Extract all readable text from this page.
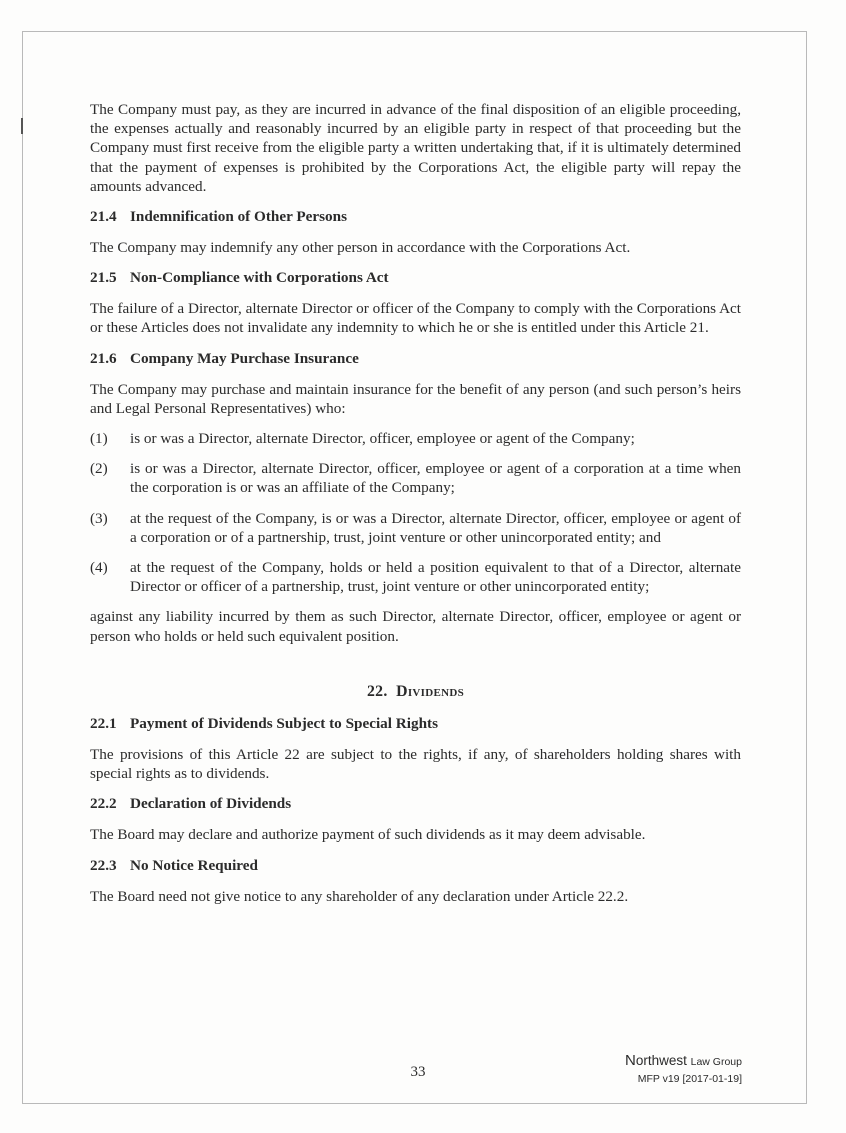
The Company must pay, as they are incurred in advance of the final disposition of an eligible proceeding, the expenses actually and reasonably incurred by an eligible party in respect of that proceeding but the Company must first receive from the eligible party a written undertaking that, if it is ultimately determined that the payment of expenses is prohibited by the Corporations Act, the eligible party will repay the amounts advanced.

21.4 Indemnification of Other Persons

The Company may indemnify any other person in accordance with the Corporations Act.

21.5 Non-Compliance with Corporations Act

The failure of a Director, alternate Director or officer of the Company to comply with the Corporations Act or these Articles does not invalidate any indemnity to which he or she is entitled under this Article 21.

21.6 Company May Purchase Insurance

The Company may purchase and maintain insurance for the benefit of any person (and such person’s heirs and Legal Personal Representatives) who:

(1)	is or was a Director, alternate Director, officer, employee or agent of the Company;
(2)	is or was a Director, alternate Director, officer, employee or agent of a corporation at a time when the corporation is or was an affiliate of the Company;
(3)	at the request of the Company, is or was a Director, alternate Director, officer, employee or agent of a corporation or of a partnership, trust, joint venture or other unincorporated entity; and
(4)	at the request of the Company, holds or held a position equivalent to that of a Director, alternate Director or officer of a partnership, trust, joint venture or other unincorporated entity;

against any liability incurred by them as such Director, alternate Director, officer, employee or agent or person who holds or held such equivalent position.

22. Dividends
22.1 Payment of Dividends Subject to Special Rights

The provisions of this Article 22 are subject to the rights, if any, of shareholders holding shares with special rights as to dividends.

22.2 Declaration of Dividends

The Board may declare and authorize payment of such dividends as it may deem advisable.

22.3 No Notice Required

The Board need not give notice to any shareholder of any declaration under Article 22.2.

33
Northwest Law Group
MFP v19 [2017-01-19]
